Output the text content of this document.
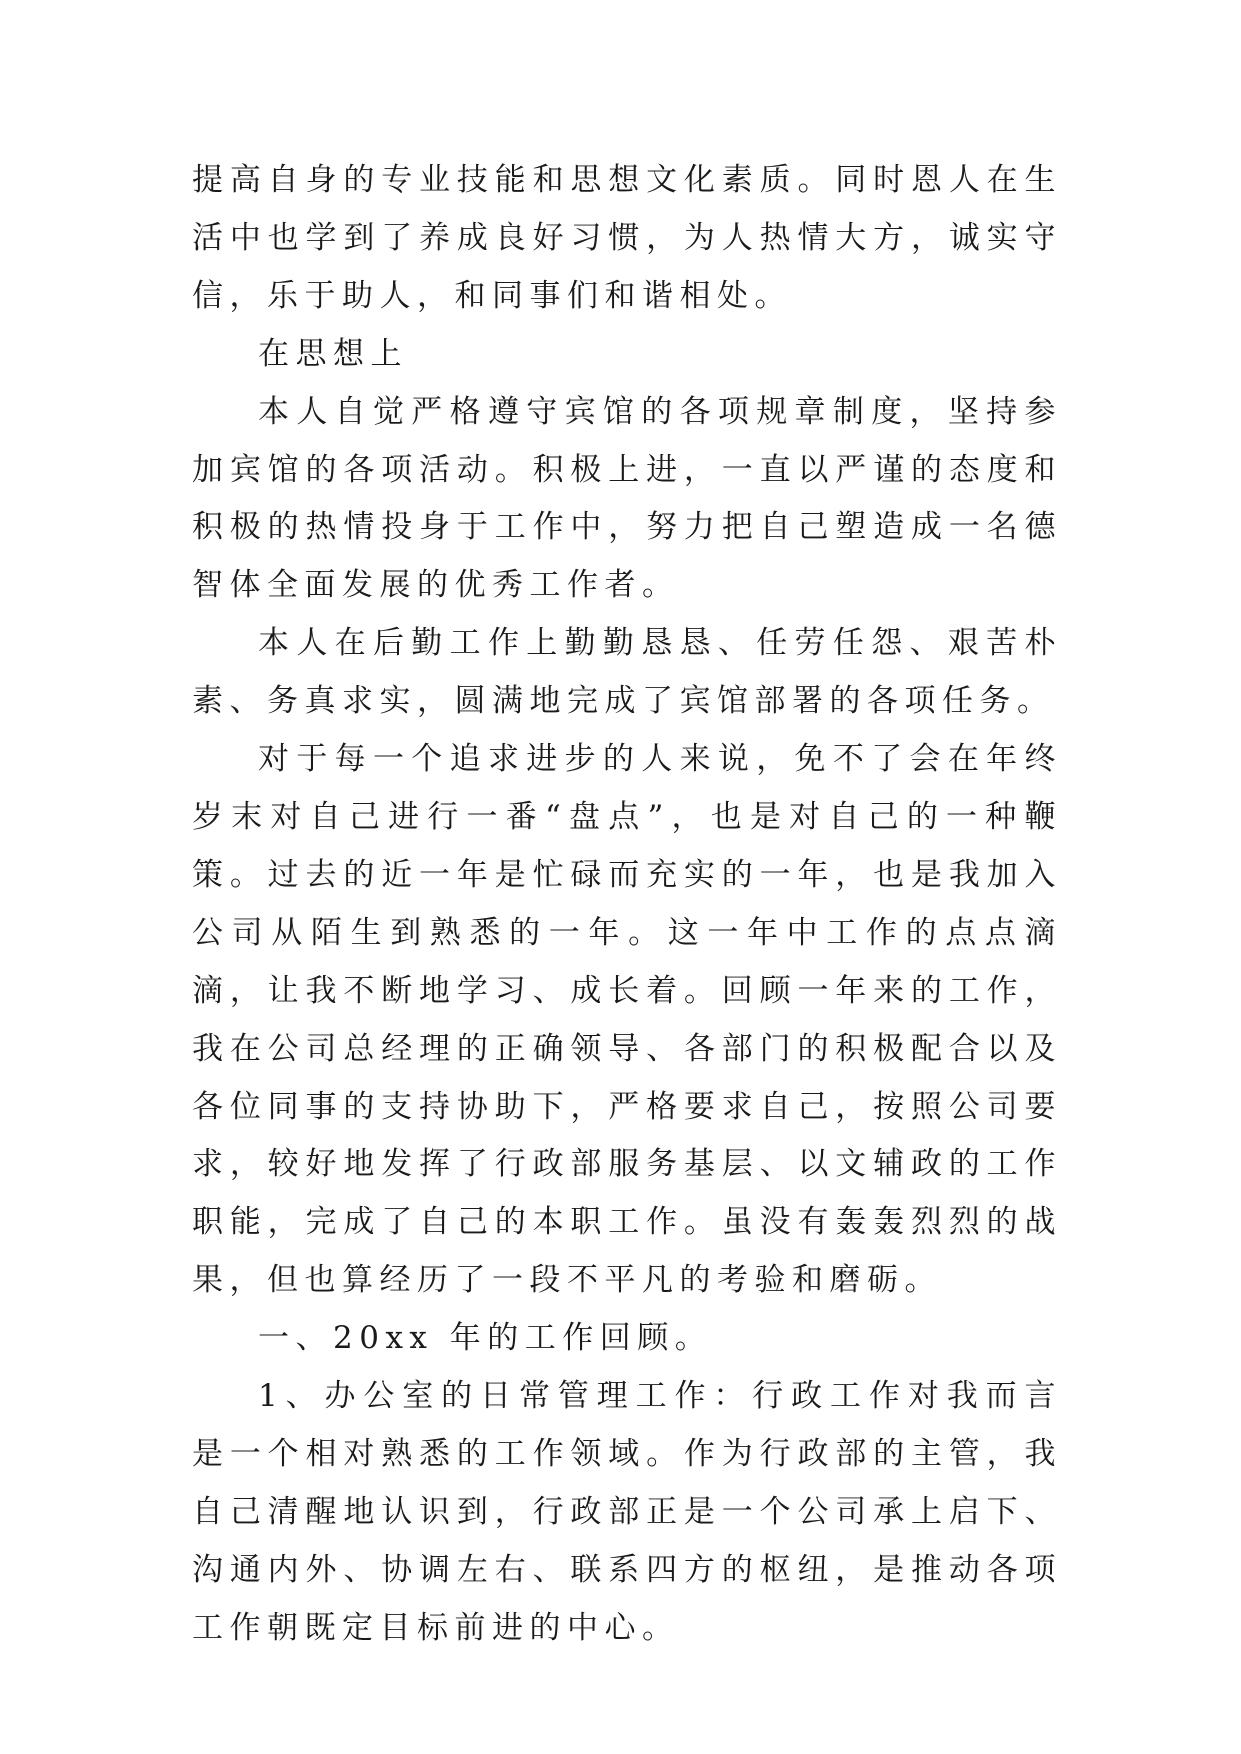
提高自身的专业技能和思想文化素质。同时恩人在生活中也学到了养成良好习惯，为人热情大方，诚实守信，乐于助人，和同事们和谐相处。

在思想上

本人自觉严格遵守宾馆的各项规章制度，坚持参加宾馆的各项活动。积极上进，一直以严谨的态度和积极的热情投身于工作中，努力把自己塑造成一名德智体全面发展的优秀工作者。

本人在后勤工作上勤勤恳恳、任劳任怨、艰苦朴素、务真求实，圆满地完成了宾馆部署的各项任务。

对于每一个追求进步的人来说，免不了会在年终岁末对自己进行一番“盘点”，也是对自己的一种鞭策。过去的近一年是忙碌而充实的一年，也是我加入公司从陌生到熟悉的一年。这一年中工作的点点滴滴，让我不断地学习、成长着。回顾一年来的工作，我在公司总经理的正确领导、各部门的积极配合以及各位同事的支持协助下，严格要求自己，按照公司要求，较好地发挥了行政部服务基层、以文辅政的工作职能，完成了自己的本职工作。虽没有轰轰烈烈的战果，但也算经历了一段不平凡的考验和磨砺。

一、20xx 年的工作回顾。

1、办公室的日常管理工作：行政工作对我而言是一个相对熟悉的工作领域。作为行政部的主管，我自己清醒地认识到，行政部正是一个公司承上启下、沟通内外、协调左右、联系四方的枢纽，是推动各项工作朝既定目标前进的中心。
